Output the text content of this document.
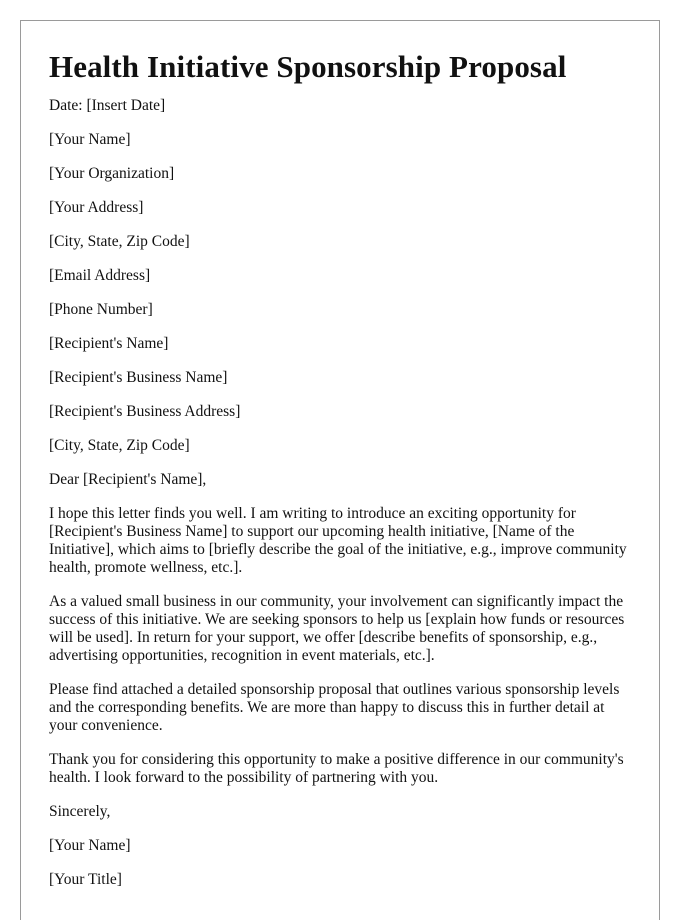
Health Initiative Sponsorship Proposal
Date: [Insert Date]
[Your Name]
[Your Organization]
[Your Address]
[City, State, Zip Code]
[Email Address]
[Phone Number]
[Recipient's Name]
[Recipient's Business Name]
[Recipient's Business Address]
[City, State, Zip Code]
Dear [Recipient's Name],

I hope this letter finds you well. I am writing to introduce an exciting opportunity for [Recipient's Business Name] to support our upcoming health initiative, [Name of the Initiative], which aims to [briefly describe the goal of the initiative, e.g., improve community health, promote wellness, etc.].

As a valued small business in our community, your involvement can significantly impact the success of this initiative. We are seeking sponsors to help us [explain how funds or resources will be used]. In return for your support, we offer [describe benefits of sponsorship, e.g., advertising opportunities, recognition in event materials, etc.].

Please find attached a detailed sponsorship proposal that outlines various sponsorship levels and the corresponding benefits. We are more than happy to discuss this in further detail at your convenience.

Thank you for considering this opportunity to make a positive difference in our community's health. I look forward to the possibility of partnering with you.

Sincerely,
[Your Name]
[Your Title]
